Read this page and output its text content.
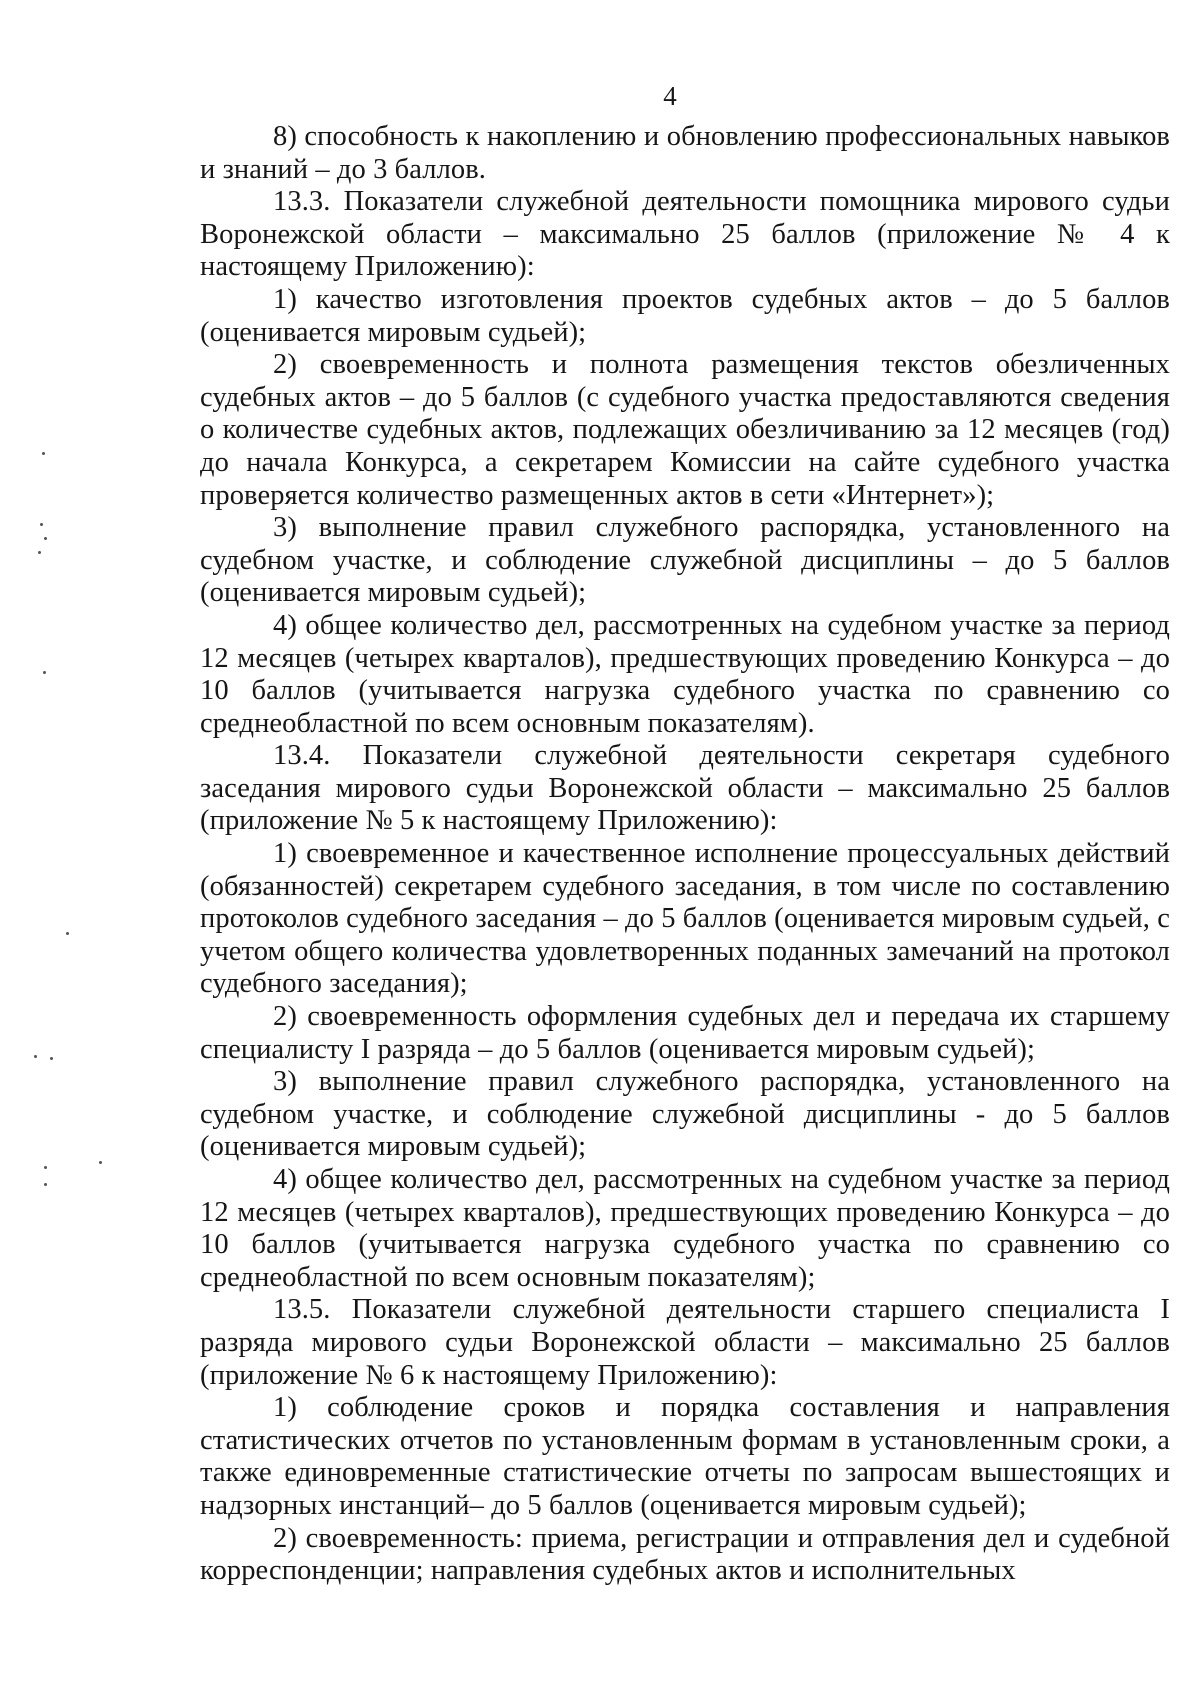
4

8) способность к накоплению и обновлению профессиональных навыков и знаний – до 3 баллов.

13.3. Показатели служебной деятельности помощника мирового судьи Воронежской области – максимально 25 баллов (приложение № 4 к настоящему Приложению):

1) качество изготовления проектов судебных актов – до 5 баллов (оценивается мировым судьей);

2) своевременность и полнота размещения текстов обезличенных судебных актов – до 5 баллов (с судебного участка предоставляются сведения о количестве судебных актов, подлежащих обезличиванию за 12 месяцев (год) до начала Конкурса, а секретарем Комиссии на сайте судебного участка проверяется количество размещенных актов в сети «Интернет»);

3) выполнение правил служебного распорядка, установленного на судебном участке, и соблюдение служебной дисциплины – до 5 баллов (оценивается мировым судьей);

4) общее количество дел, рассмотренных на судебном участке за период 12 месяцев (четырех кварталов), предшествующих проведению Конкурса – до 10 баллов (учитывается нагрузка судебного участка по сравнению со среднеобластной по всем основным показателям).

13.4. Показатели служебной деятельности секретаря судебного заседания мирового судьи Воронежской области – максимально 25 баллов (приложение № 5 к настоящему Приложению):

1) своевременное и качественное исполнение процессуальных действий (обязанностей) секретарем судебного заседания, в том числе по составлению протоколов судебного заседания – до 5 баллов (оценивается мировым судьей, с учетом общего количества удовлетворенных поданных замечаний на протокол судебного заседания);

2) своевременность оформления судебных дел и передача их старшему специалисту I разряда – до 5 баллов (оценивается мировым судьей);

3) выполнение правил служебного распорядка, установленного на судебном участке, и соблюдение служебной дисциплины - до 5 баллов (оценивается мировым судьей);

4) общее количество дел, рассмотренных на судебном участке за период 12 месяцев (четырех кварталов), предшествующих проведению Конкурса – до 10 баллов (учитывается нагрузка судебного участка по сравнению со среднеобластной по всем основным показателям);

13.5. Показатели служебной деятельности старшего специалиста I разряда мирового судьи Воронежской области – максимально 25 баллов (приложение № 6 к настоящему Приложению):

1) соблюдение сроков и порядка составления и направления статистических отчетов по установленным формам в установленным сроки, а также единовременные статистические отчеты по запросам вышестоящих и надзорных инстанций– до 5 баллов (оценивается мировым судьей);

2) своевременность: приема, регистрации и отправления дел и судебной корреспонденции; направления судебных актов и исполнительных
